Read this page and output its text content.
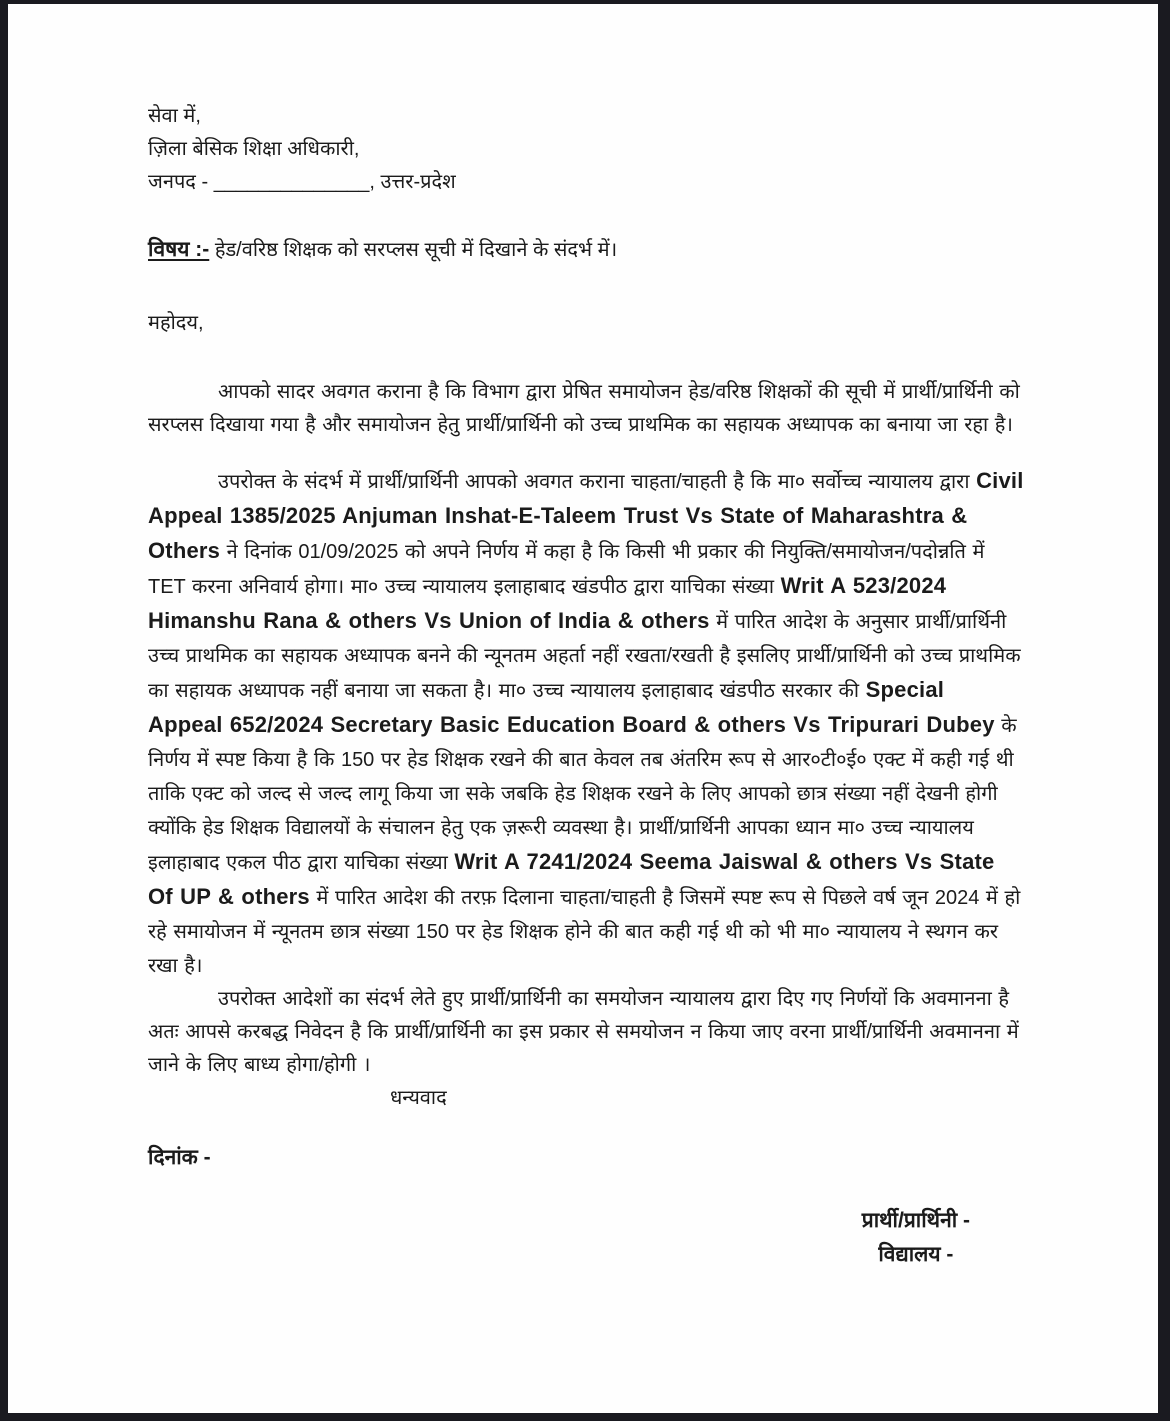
सेवा में,
ज़िला बेसिक शिक्षा अधिकारी,
जनपद - ______________, उत्तर-प्रदेश
विषय :- हेड/वरिष्ठ शिक्षक को सरप्लस सूची में दिखाने के संदर्भ में।
महोदय,

आपको सादर अवगत कराना है कि विभाग द्वारा प्रेषित समायोजन हेड/वरिष्ठ शिक्षकों की सूची में प्रार्थी/प्रार्थिनी को सरप्लस दिखाया गया है और समायोजन हेतु प्रार्थी/प्रार्थिनी को उच्च प्राथमिक का सहायक अध्यापक का बनाया जा रहा है।

उपरोक्त के संदर्भ में प्रार्थी/प्रार्थिनी आपको अवगत कराना चाहता/चाहती है कि मा० सर्वोच्च न्यायालय द्वारा Civil Appeal 1385/2025 Anjuman Inshat-E-Taleem Trust Vs State of Maharashtra & Others ने दिनांक 01/09/2025 को अपने निर्णय में कहा है कि किसी भी प्रकार की नियुक्ति/समायोजन/पदोन्नति में TET करना अनिवार्य होगा। मा० उच्च न्यायालय इलाहाबाद खंडपीठ द्वारा याचिका संख्या Writ A 523/2024 Himanshu Rana & others Vs Union of India & others में पारित आदेश के अनुसार प्रार्थी/प्रार्थिनी उच्च प्राथमिक का सहायक अध्यापक बनने की न्यूनतम अहर्ता नहीं रखता/रखती है इसलिए प्रार्थी/प्रार्थिनी को उच्च प्राथमिक का सहायक अध्यापक नहीं बनाया जा सकता है। मा० उच्च न्यायालय इलाहाबाद खंडपीठ सरकार की Special Appeal 652/2024 Secretary Basic Education Board & others Vs Tripurari Dubey के निर्णय में स्पष्ट किया है कि 150 पर हेड शिक्षक रखने की बात केवल तब अंतरिम रूप से आर०टी०ई० एक्ट में कही गई थी ताकि एक्ट को जल्द से जल्द लागू किया जा सके जबकि हेड शिक्षक रखने के लिए आपको छात्र संख्या नहीं देखनी होगी क्योंकि हेड शिक्षक विद्यालयों के संचालन हेतु एक ज़रूरी व्यवस्था है। प्रार्थी/प्रार्थिनी आपका ध्यान मा० उच्च न्यायालय इलाहाबाद एकल पीठ द्वारा याचिका संख्या Writ A 7241/2024 Seema Jaiswal & others Vs State Of UP & others में पारित आदेश की तरफ़ दिलाना चाहता/चाहती है जिसमें स्पष्ट रूप से पिछले वर्ष जून 2024 में हो रहे समायोजन में न्यूनतम छात्र संख्या 150 पर हेड शिक्षक होने की बात कही गई थी को भी मा० न्यायालय ने स्थगन कर रखा है।

उपरोक्त आदेशों का संदर्भ लेते हुए प्रार्थी/प्रार्थिनी का समयोजन न्यायालय द्वारा दिए गए निर्णयों कि अवमानना है अतः आपसे करबद्ध निवेदन है कि प्रार्थी/प्रार्थिनी का इस प्रकार से समयोजन न किया जाए वरना प्रार्थी/प्रार्थिनी अवमानना में जाने के लिए बाध्य होगा/होगी ।

धन्यवाद
दिनांक -
प्रार्थी/प्रार्थिनी -
विद्यालय -
